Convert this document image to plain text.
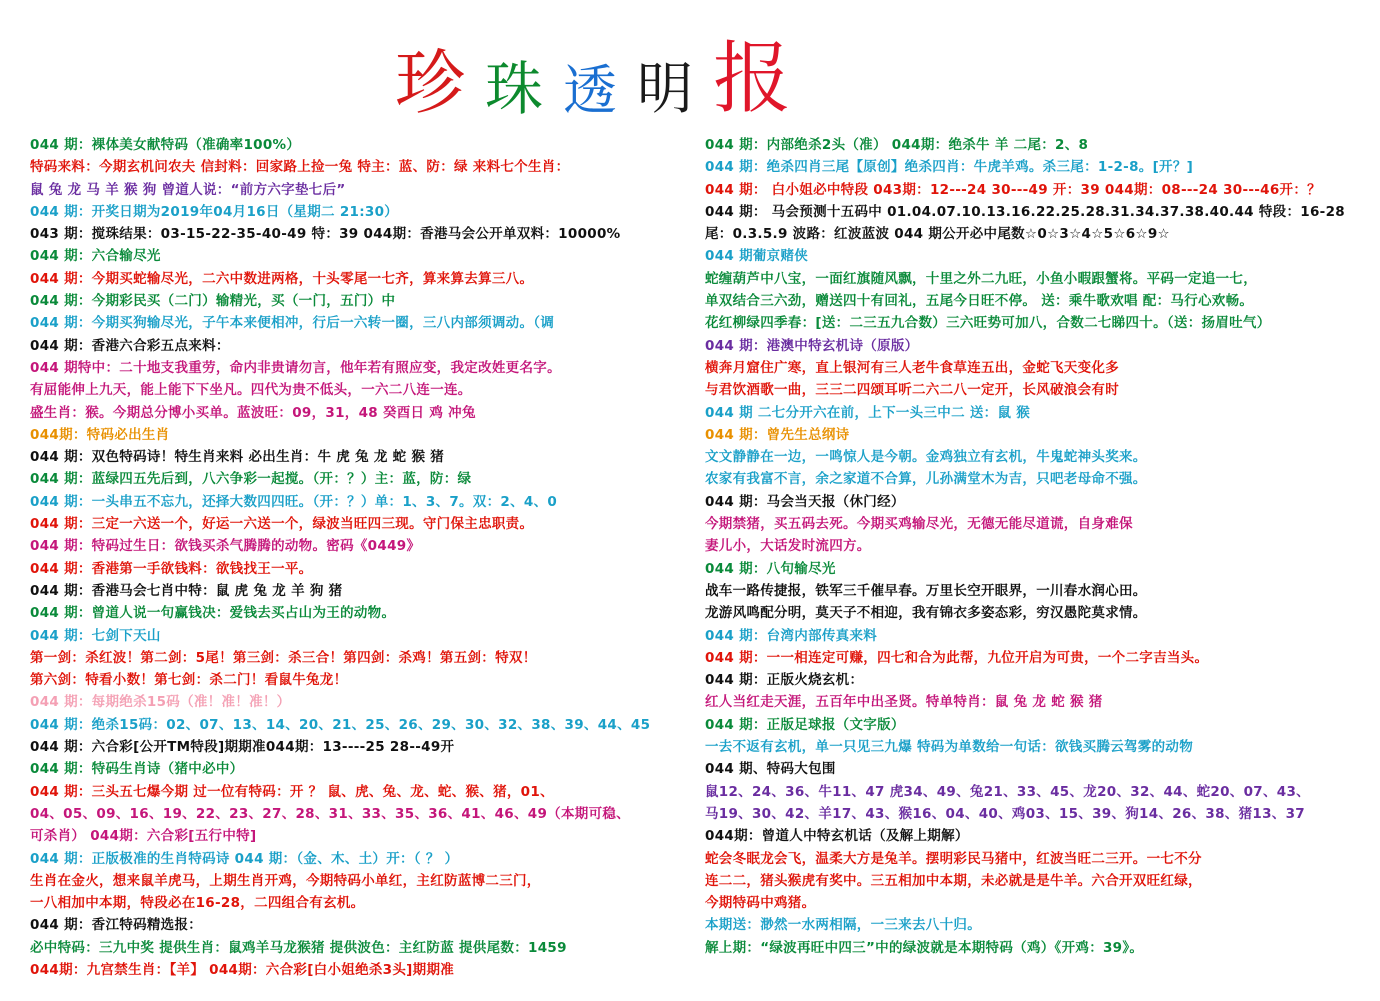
珍 珠 透 明 报
044 期：裸体美女献特码（准确率100%）
特码来料：今期玄机问农夫 信封料：回家路上捡一兔 特主：蓝、防：绿 来料七个生肖：
鼠 兔 龙 马 羊 猴 狗 曾道人说：“前方六字垫七后”
044 期：开奖日期为2019年04月16日（星期二 21:30）
043 期：搅珠结果：03-15-22-35-40-49 特：39 044期：香港马会公开单双料：10000%
044 期：六合输尽光
044 期：今期买蛇输尽光，二六中数进两格，十头零尾一七齐，算来算去算三八。
044 期：今期彩民买（二门）输精光，买（一门，五门）中
044 期：今期买狗输尽光，子午本来便相冲，行后一六转一圈，三八内部须调动。（调
044 期：香港六合彩五点来料：
044 期特中：二十地支我重劳，命内非贵请勿言，他年若有照应变，我定改姓更名字。
有屈能伸上九天，能上能下下坐凡。四代为贵不低头，一六二八连一连。
盛生肖：猴。今期总分博小买单。蓝波旺：09，31，48 癸酉日 鸡 冲兔
044期：特码必出生肖
044 期：双色特码诗！特生肖来料 必出生肖：牛 虎 兔 龙 蛇 猴 猪
044 期：蓝绿四五先后到，八六争彩一起搅。（开：？）主：蓝，防：绿
044 期：一头串五不忘九，还择大数四四旺。（开：？）单：1、3、7。双：2、4、0
044 期：三定一六送一个，好运一六送一个，绿波当旺四三现。守门保主忠职责。
044 期：特码过生日：欲钱买杀气腾腾的动物。密码《0449》
044 期：香港第一手欲钱料：欲钱找王一平。
044 期：香港马会七肖中特：鼠 虎 兔 龙 羊 狗 猪
044 期：曾道人说一句赢钱决：爱钱去买占山为王的动物。
044 期：七剑下天山
第一剑：杀红波！第二剑：5尾！第三剑：杀三合！第四剑：杀鸡！第五剑：特双！
第六剑：特看小数！第七剑：杀二门！看鼠牛兔龙！
044 期：每期绝杀15码（准！准！准！）
044 期：绝杀15码：02、07、13、14、20、21、25、26、29、30、32、38、39、44、45
044 期：六合彩[公开TM特段]期期准044期：13----25 28--49开
044 期：特码生肖诗（猪中必中）
044 期：三头五七爆今期 过一位有特码：开 ？ 鼠、虎、兔、龙、蛇、猴、猪，01、
04、05、09、16、19、22、23、27、28、31、33、35、36、41、46、49（本期可稳、
可杀肖） 044期：六合彩[五行中特]
044 期：正版极准的生肖特码诗 044 期：（金、木、土）开：（ ？ ）
生肖在金火，想来鼠羊虎马，上期生肖开鸡，今期特码小单红，主红防蓝博二三门，
一八相加中本期，特段必在16-28，二四组合有玄机。
044 期：香江特码精选报：
必中特码：三九中奖 提供生肖：鼠鸡羊马龙猴猪 提供波色：主红防蓝 提供尾数：1459
044期：九宫禁生肖：【羊】 044期：六合彩[白小姐绝杀3头]期期准
044 期：内部绝杀2头（准） 044期：绝杀牛 羊 二尾：2、8
044 期：绝杀四肖三尾【原创】绝杀四肖：牛虎羊鸡。杀三尾：1-2-8。[开？]
044 期： 白小姐必中特段 043期：12---24 30---49 开：39 044期：08---24 30---46开：？
044 期： 马会预测十五码中 01.04.07.10.13.16.22.25.28.31.34.37.38.40.44 特段：16-28
尾：0.3.5.9 波路：红波蓝波 044 期公开必中尾数☆0☆3☆4☆5☆6☆9☆
044 期葡京赌侠
蛇缠葫芦中八宝，一面红旗随风飘，十里之外二九旺，小鱼小暇跟蟹将。平码一定追一七，
单双结合三六劲，赠送四十有回礼，五尾今日旺不停。 送：乘牛歌欢唱 配：马行心欢畅。
花红柳绿四季春：[送：二三五九合数）三六旺势可加八，合数二七睇四十。（送：扬眉吐气）
044 期：港澳中特玄机诗（原版）
横奔月窟住广寒，直上银河有三人老牛食草连五出，金蛇飞天变化多
与君饮酒歌一曲，三三二四颂耳听二六二八一定开，长风破浪会有时
044 期 二七分开六在前，上下一头三中二 送：鼠 猴
044 期：曾先生总纲诗
文文静静在一边，一鸣惊人是今朝。金鸡独立有玄机，牛鬼蛇神头奖来。
农家有我富不言，余之家道不合算，儿孙满堂木为吉，只吧老母命不强。
044 期：马会当天报（休门经）
今期禁猪，买五码去死。今期买鸡输尽光，无德无能尽道谎，自身难保
妻儿小，大话发时流四方。
044 期：八句输尽光
战车一路传捷报，铁军三千催早春。万里长空开眼界，一川春水润心田。
龙游风鸣配分明，莫天子不相迎，我有锦衣多姿态彩，穷汉愚陀莫求情。
044 期：台湾内部传真来料
044 期：一一相连定可赚，四七和合为此帮，九位开启为可贵，一个二字吉当头。
044 期：正版火烧玄机：
红人当红走天涯，五百年中出圣贤。特单特肖：鼠 兔 龙 蛇 猴 猪
044 期：正版足球报（文字版）
一去不返有玄机，单一只见三九爆 特码为单数给一句话：欲钱买腾云驾雾的动物
044 期、特码大包围
鼠12、24、36、牛11、47 虎34、49、兔21、33、45、龙20、32、44、蛇20、07、43、
马19、30、42、羊17、43、猴16、04、40、鸡03、15、39、狗14、26、38、猪13、37
044期：曾道人中特玄机话（及解上期解）
蛇会冬眠龙会飞，温柔大方是兔羊。摆明彩民马猪中，红波当旺二三开。一七不分
连二二，猪头猴虎有奖中。三五相加中本期，未必就是是牛羊。六合开双旺红绿，
今期特码中鸡猪。
本期送：渺然一水两相隔，一三来去八十归。
解上期：“绿波再旺中四三”中的绿波就是本期特码（鸡）《开鸡：39》。
